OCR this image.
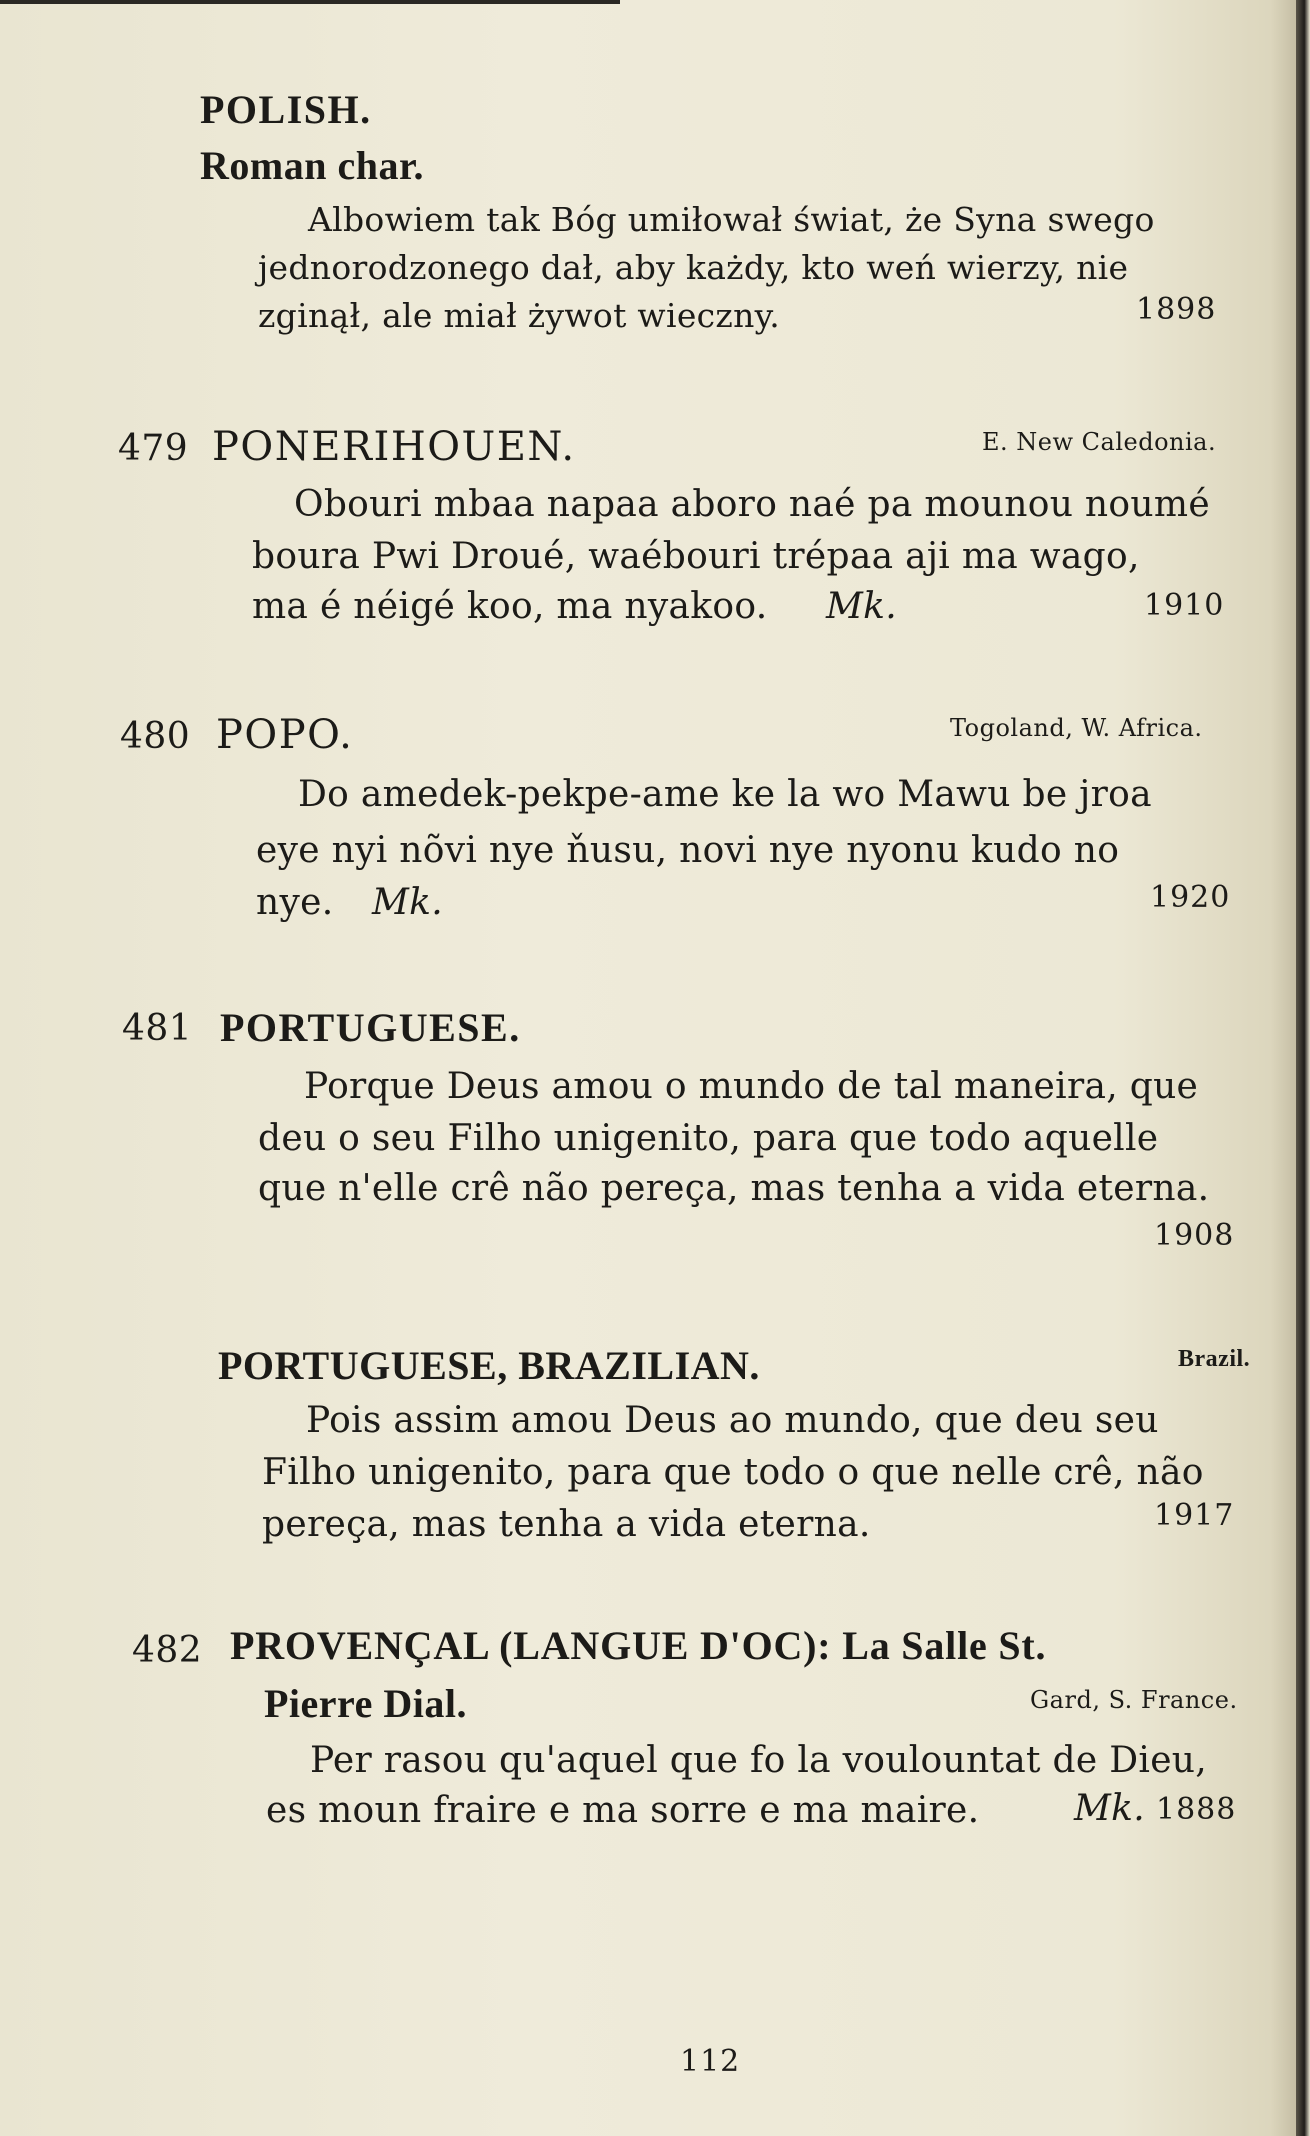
POLISH.
Roman char.
Albowiem tak Bóg umiłował świat, że Syna swego
jednorodzonego dał, aby każdy, kto weń wierzy, nie
zginął, ale miał żywot wieczny.	1898
479 PONERIHOUEN.	E. New Caledonia.
Obouri mbaa napaa aboro naé pa mounou noumé
boura Pwi Droué, waébouri trépaa aji ma wago,
ma é néigé koo, ma nyakoo. Mk.	1910
480 POPO.	Togoland, W. Africa.
Do amedek-pekpe-ame ke la wo Mawu be jroa
eye nyi nõvi nye ňusu, novi nye nyonu kudo no
nye. Mk.	1920
481 PORTUGUESE.
Porque Deus amou o mundo de tal maneira, que
deu o seu Filho unigenito, para que todo aquelle
que n'elle crê não pereça, mas tenha a vida eterna.
1908
PORTUGUESE, BRAZILIAN.	Brazil.
Pois assim amou Deus ao mundo, que deu seu
Filho unigenito, para que todo o que nelle crê, não
pereça, mas tenha a vida eterna.	1917
482 PROVENÇAL (LANGUE D'OC): La Salle St.
Pierre Dial.	Gard, S. France.
Per rasou qu'aquel que fo la voulountat de Dieu,
es moun fraire e ma sorre e ma maire.	Mk. 1888
112
